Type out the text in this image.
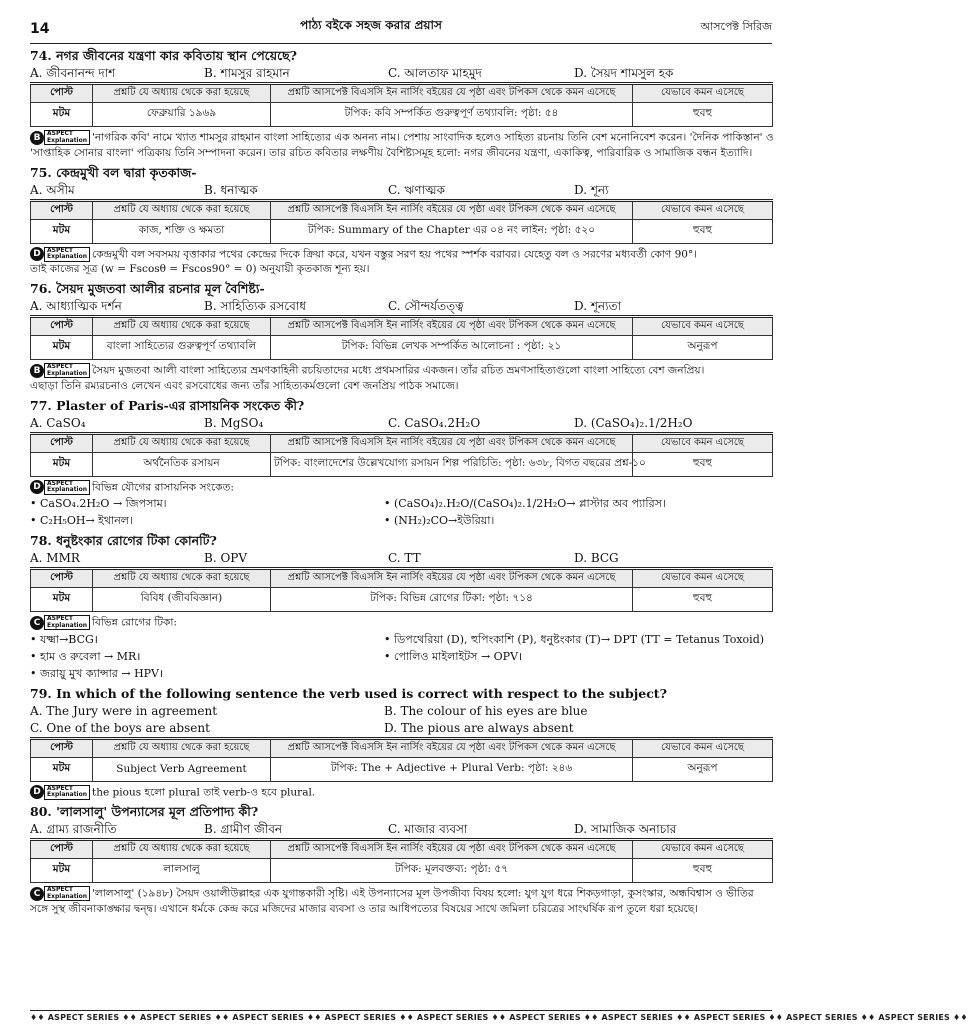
14	পাঠ্য বইকে সহজ করার প্রয়াস	আসপেক্ট সিরিজ
74. নগর জীবনের যন্ত্রণা কার কবিতায় স্থান পেয়েছে?
A. জীবনানন্দ দাশ	B. শামসুর রাহমান	C. আলতাফ মাহমুদ	D. সৈয়দ শামসুল হক
পোস্ট	প্রশ্নটি যে অধ্যায় থেকে করা হয়েছে	প্রশ্নটি আসপেক্ট বিএসসি ইন নার্সিং বইয়ের যে পৃষ্ঠা এবং টপিকস থেকে কমন এসেছে	যেভাবে কমন এসেছে
মটম	ফেব্রুয়ারি ১৯৬৯	টপিক: কবি সম্পর্কিত গুরুত্বপূর্ণ তথ্যাবলি: পৃষ্ঠা: ৫৪	হুবহু
B	ASPECT
Explanation 'নাগরিক কবি' নামে খ্যাত শামসুর রাহমান বাংলা সাহিত্যের এক অনন্য নাম। পেশায় সাংবাদিক হলেও সাহিত্য রচনায় তিনি বেশ মনোনিবেশ করেন। 'দৈনিক পাকিস্তান' ও
'সাপ্তাহিক সোনার বাংলা' পত্রিকায় তিনি সম্পাদনা করেন। তার রচিত কবিতার লক্ষণীয় বৈশিষ্ট্যসমূহ হলো: নগর জীবনের যন্ত্রণা, একাকিত্ব, পারিবারিক ও সামাজিক বন্ধন ইত্যাদি।
75. কেন্দ্রমুখী বল দ্বারা কৃতকাজ-
A. অসীম	B. ধনাত্মক	C. ঋণাত্মক	D. শূন্য
পোস্ট	প্রশ্নটি যে অধ্যায় থেকে করা হয়েছে	প্রশ্নটি আসপেক্ট বিএসসি ইন নার্সিং বইয়ের যে পৃষ্ঠা এবং টপিকস থেকে কমন এসেছে	যেভাবে কমন এসেছে
মটম	কাজ, শক্তি ও ক্ষমতা	টপিক: Summary of the Chapter এর ০৪ নং লাইন: পৃষ্ঠা: ৫২০	হুবহু
D	ASPECT
Explanation কেন্দ্রমুখী বল সবসময় বৃত্তাকার পথের কেন্দ্রের দিকে ক্রিয়া করে, যখন বস্তুর সরণ হয় পথের স্পর্শক বরাবর। যেহেতু বল ও সরণের মধ্যবর্তী কোণ 90°।
তাই কাজের সূত্র (w = Fscosθ = Fscos90° = 0) অনুযায়ী কৃতকাজ শূন্য হয়।
76. সৈয়দ মুজতবা আলীর রচনার মূল বৈশিষ্ট্য-
A. আধ্যাত্মিক দর্শন	B. সাহিত্যিক রসবোধ	C. সৌন্দর্যতত্ত্ব	D. শূন্যতা
পোস্ট	প্রশ্নটি যে অধ্যায় থেকে করা হয়েছে	প্রশ্নটি আসপেক্ট বিএসসি ইন নার্সিং বইয়ের যে পৃষ্ঠা এবং টপিকস থেকে কমন এসেছে	যেভাবে কমন এসেছে
মটম	বাংলা সাহিত্যের গুরুত্বপূর্ণ তথ্যাবলি	টপিক: বিভিন্ন লেখক সম্পর্কিত আলোচনা : পৃষ্ঠা: ২১	অনুরূপ
B	ASPECT
Explanation সৈয়দ মুজতবা আলী বাংলা সাহিত্যের ভ্রমণকাহিনী রচয়িতাদের মধ্যে প্রথমসারির একজন। তাঁর রচিত ভ্রমণসাহিত্যগুলো বাংলা সাহিত্যে বেশ জনপ্রিয়।
এছাড়া তিনি রম্যরচনাও লেখেন এবং রসবোধের জন্য তাঁর সাহিত্যকর্মগুলো বেশ জনপ্রিয় পাঠক সমাজে।
77. Plaster of Paris-এর রাসায়নিক সংকেত কী?
A. CaSO₄	B. MgSO₄	C. CaSO₄.2H₂O	D. (CaSO₄)₂.1/2H₂O
পোস্ট	প্রশ্নটি যে অধ্যায় থেকে করা হয়েছে	প্রশ্নটি আসপেক্ট বিএসসি ইন নার্সিং বইয়ের যে পৃষ্ঠা এবং টপিকস থেকে কমন এসেছে	যেভাবে কমন এসেছে
মটম	অর্থনৈতিক রসায়ন	টপিক: বাংলাদেশের উল্লেখযোগ্য রসায়ন শিল্প পরিচিতি: পৃষ্ঠা: ৬৩৮, বিগত বছরের প্রশ্ন-১০	হুবহু
D	ASPECT
Explanation বিভিন্ন যৌগের রাসায়নিক সংকেত:
• CaSO₄.2H₂O → জিপসাম।	• (CaSO₄)₂.H₂O/(CaSO₄)₂.1/2H₂O→ প্লাস্টার অব প্যারিস।
• C₂H₅OH→ ইথানল।	• (NH₂)₂CO→ইউরিয়া।
78. ধনুষ্টংকার রোগের টিকা কোনটি?
A. MMR	B. OPV	C. TT	D. BCG
পোস্ট	প্রশ্নটি যে অধ্যায় থেকে করা হয়েছে	প্রশ্নটি আসপেক্ট বিএসসি ইন নার্সিং বইয়ের যে পৃষ্ঠা এবং টপিকস থেকে কমন এসেছে	যেভাবে কমন এসেছে
মটম	বিবিধ (জীববিজ্ঞান)	টপিক: বিভিন্ন রোগের টিকা: পৃষ্ঠা: ৭১৪	হুবহু
C	ASPECT
Explanation বিভিন্ন রোগের টিকা:
• যক্ষ্মা→BCG।	• ডিপথেরিয়া (D), হুপিংকাশি (P), ধনুষ্টংকার (T)→ DPT (TT = Tetanus Toxoid)
• হাম ও রুবেলা → MR।	• পোলিও মাইলাইটস → OPV।
• জরায়ু মুখ ক্যান্সার → HPV।
79. In which of the following sentence the verb used is correct with respect to the subject?
A. The Jury were in agreement	B. The colour of his eyes are blue
C. One of the boys are absent	D. The pious are always absent
পোস্ট	প্রশ্নটি যে অধ্যায় থেকে করা হয়েছে	প্রশ্নটি আসপেক্ট বিএসসি ইন নার্সিং বইয়ের যে পৃষ্ঠা এবং টপিকস থেকে কমন এসেছে	যেভাবে কমন এসেছে
মটম	Subject Verb Agreement	টপিক: The + Adjective + Plural Verb: পৃষ্ঠা: ২৪৬	অনুরূপ
D	ASPECT
Explanation the pious হলো plural তাই verb-ও হবে plural.
80. 'লালসালু' উপন্যাসের মূল প্রতিপাদ্য কী?
A. গ্রাম্য রাজনীতি	B. গ্রামীণ জীবন	C. মাজার ব্যবসা	D. সামাজিক অনাচার
পোস্ট	প্রশ্নটি যে অধ্যায় থেকে করা হয়েছে	প্রশ্নটি আসপেক্ট বিএসসি ইন নার্সিং বইয়ের যে পৃষ্ঠা এবং টপিকস থেকে কমন এসেছে	যেভাবে কমন এসেছে
মটম	লালসালু	টপিক: মূলবক্তব্য: পৃষ্ঠা: ৫৭	হুবহু
C	ASPECT
Explanation 'লালসালু' (১৯৪৮) সৈয়দ ওয়ালীউল্লাহর এক যুগান্তকারী সৃষ্টি। এই উপন্যাসের মূল উপজীব্য বিষয় হলো: যুগ যুগ ধরে শিকড়গাড়া, কুসংস্কার, অন্ধবিশ্বাস ও ভীতির
সঙ্গে সুস্থ জীবনাকাঙ্ক্ষার দ্বন্দ্ব। এখানে ধর্মকে কেন্দ্র করে মজিদের মাজার ব্যবসা ও তার আধিপত্যের বিষয়ের সাথে জমিলা চরিত্রের সাংঘর্ষিক রূপ তুলে ধরা হয়েছে।
♦♦ ASPECT SERIES ♦♦ ASPECT SERIES ♦♦ ASPECT SERIES ♦♦ ASPECT SERIES ♦♦ ASPECT SERIES ♦♦ ASPECT SERIES ♦♦ ASPECT SERIES ♦♦ ASPECT SERIES ♦♦ ASPECT SERIES ♦♦ ASPECT SERIES ♦♦
